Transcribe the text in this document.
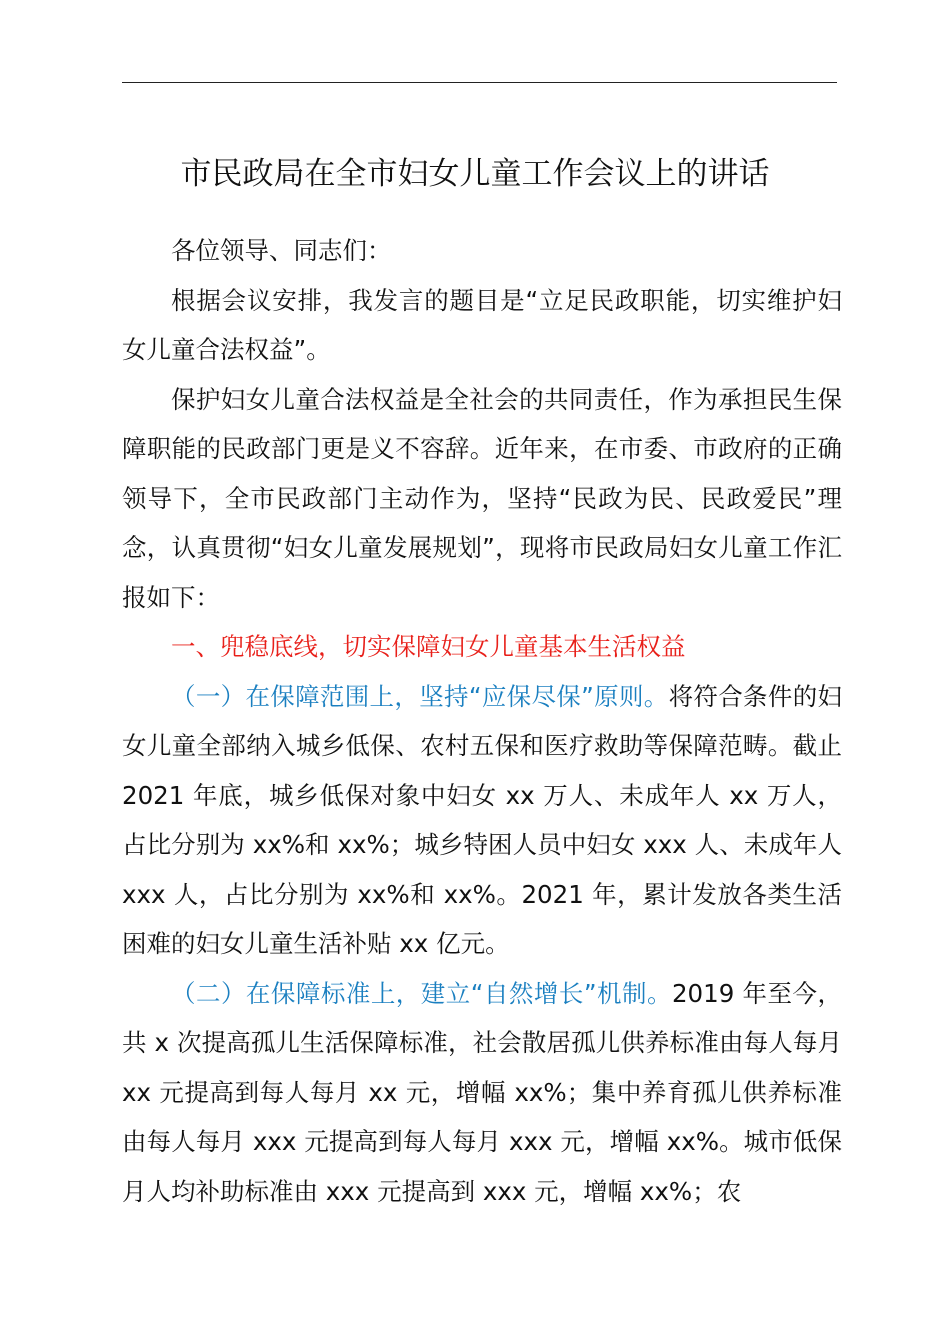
市民政局在全市妇女儿童工作会议上的讲话

各位领导、同志们：

根据会议安排，我发言的题目是“立足民政职能，切实维护妇女儿童合法权益”。

保护妇女儿童合法权益是全社会的共同责任，作为承担民生保障职能的民政部门更是义不容辞。近年来，在市委、市政府的正确领导下，全市民政部门主动作为，坚持“民政为民、民政爱民”理念，认真贯彻“妇女儿童发展规划”，现将市民政局妇女儿童工作汇报如下：

一、兜稳底线，切实保障妇女儿童基本生活权益

（一）在保障范围上，坚持“应保尽保”原则。将符合条件的妇女儿童全部纳入城乡低保、农村五保和医疗救助等保障范畴。截止 2021 年底，城乡低保对象中妇女 xx 万人、未成年人 xx 万人，占比分别为 xx%和 xx%；城乡特困人员中妇女 xxx 人、未成年人 xxx 人，占比分别为 xx%和 xx%。2021 年，累计发放各类生活困难的妇女儿童生活补贴 xx 亿元。

（二）在保障标准上，建立“自然增长”机制。2019 年至今，共 x 次提高孤儿生活保障标准，社会散居孤儿供养标准由每人每月 xx 元提高到每人每月 xx 元，增幅 xx%；集中养育孤儿供养标准由每人每月 xxx 元提高到每人每月 xxx 元，增幅 xx%。城市低保月人均补助标准由 xxx 元提高到 xxx 元，增幅 xx%；农
